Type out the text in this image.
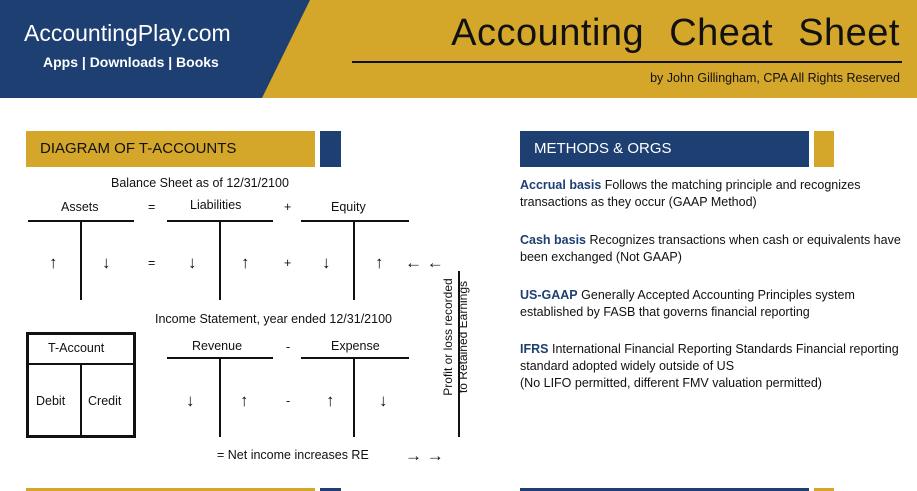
AccountingPlay.com
Apps | Downloads | Books
Accounting Cheat Sheet
by John Gillingham, CPA All Rights Reserved
DIAGRAM OF T-ACCOUNTS
Balance Sheet as of 12/31/2100
Assets	=	Liabilities	+	Equity
↑	↓	= ↓	↑	+ ↓	↑ ← ←
Profit or loss recorded to Retained Earnings
Income Statement, year ended 12/31/2100
T-Account
Debit Credit
Revenue	-	Expense
↓	↑	- ↑	↓
= Net income increases RE → →
METHODS & ORGS
Accrual basis Follows the matching principle and recognizes transactions as they occur (GAAP Method)
Cash basis Recognizes transactions when cash or equivalents have been exchanged (Not GAAP)
US-GAAP Generally Accepted Accounting Principles system established by FASB that governs financial reporting
IFRS International Financial Reporting Standards Financial reporting standard adopted widely outside of US
(No LIFO permitted, different FMV valuation permitted)
